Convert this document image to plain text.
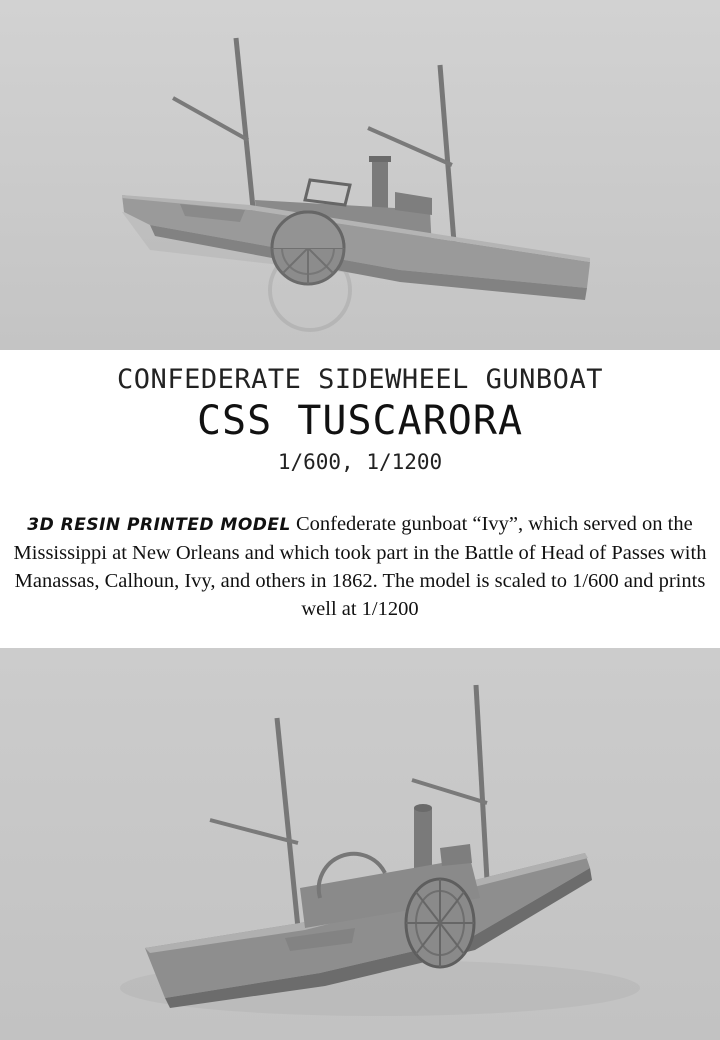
CONFEDERATE SIDEWHEEL GUNBOAT
CSS TUSCARORA
1/600, 1/1200
3D RESIN PRINTED MODEL Confederate gunboat “Ivy”, which served on the Mississippi at New Orleans and which took part in the Battle of Head of Passes with Manassas, Calhoun, Ivy, and others in 1862. The model is scaled to 1/600 and prints well at 1/1200
